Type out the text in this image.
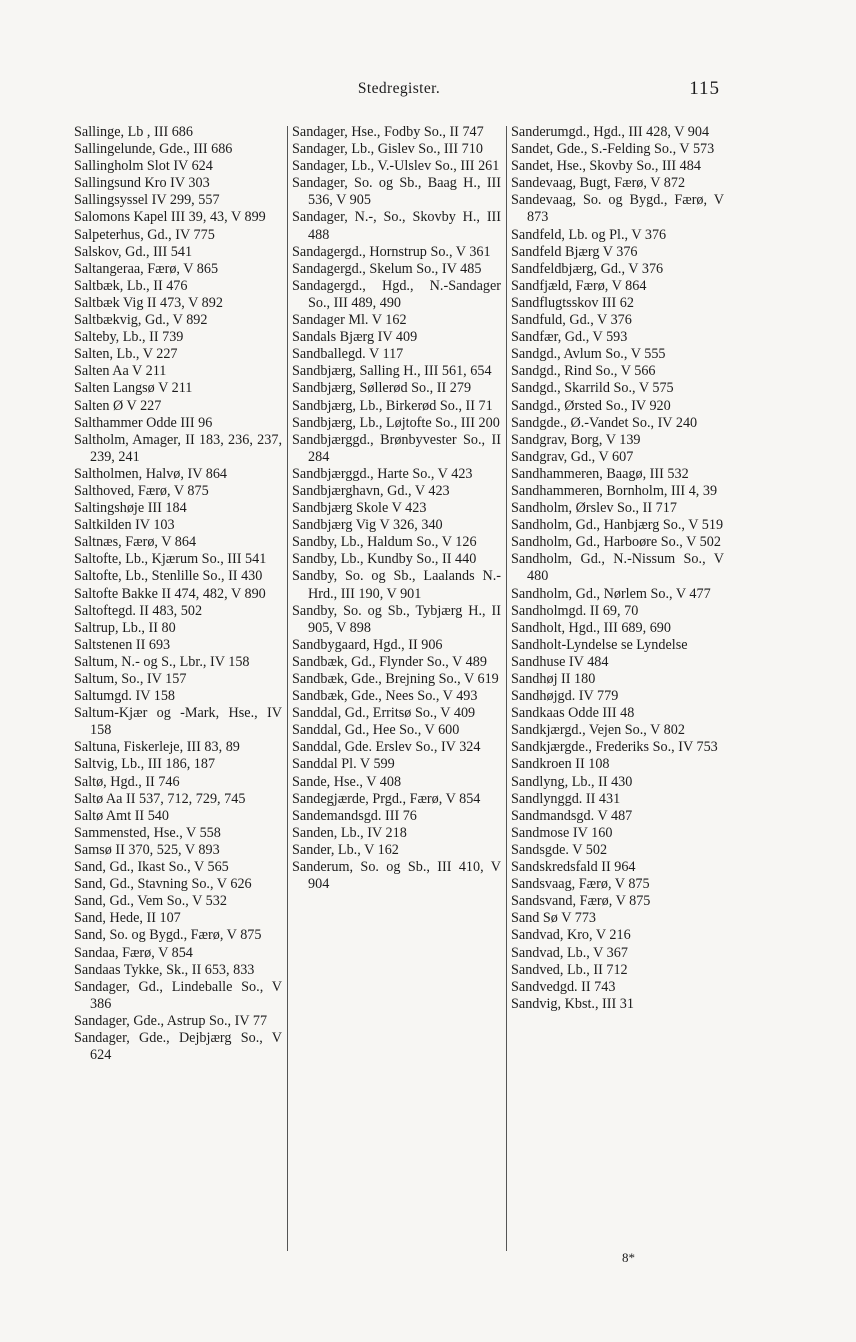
Stedregister.	115
Sallinge, Lb , III 686
Sallingelunde, Gde., III 686
Sallingholm Slot IV 624
Sallingsund Kro IV 303
Sallingsyssel IV 299, 557
Salomons Kapel III 39, 43, V 899
Salpeterhus, Gd., IV 775
Salskov, Gd., III 541
Saltangeraa, Færø, V 865
Saltbæk, Lb., II 476
Saltbæk Vig II 473, V 892
Saltbækvig, Gd., V 892
Salteby, Lb., II 739
Salten, Lb., V 227
Salten Aa V 211
Salten Langsø V 211
Salten Ø V 227
Salthammer Odde III 96
Saltholm, Amager, II 183, 236, 237, 239, 241
Saltholmen, Halvø, IV 864
Salthoved, Færø, V 875
Saltingshøje III 184
Saltkilden IV 103
Saltnæs, Færø, V 864
Saltofte, Lb., Kjærum So., III 541
Saltofte, Lb., Stenlille So., II 430
Saltofte Bakke II 474, 482, V 890
Saltoftegd. II 483, 502
Saltrup, Lb., II 80
Saltstenen II 693
Saltum, N.- og S., Lbr., IV 158
Saltum, So., IV 157
Saltumgd. IV 158
Saltum-Kjær og -Mark, Hse., IV 158
Saltuna, Fiskerleje, III 83, 89
Saltvig, Lb., III 186, 187
Saltø, Hgd., II 746
Saltø Aa II 537, 712, 729, 745
Saltø Amt II 540
Sammensted, Hse., V 558
Samsø II 370, 525, V 893
Sand, Gd., Ikast So., V 565
Sand, Gd., Stavning So., V 626
Sand, Gd., Vem So., V 532
Sand, Hede, II 107
Sand, So. og Bygd., Færø, V 875
Sandaa, Færø, V 854
Sandaas Tykke, Sk., II 653, 833
Sandager, Gd., Lindeballe So., V 386
Sandager, Gde., Astrup So., IV 77
Sandager, Gde., Dejbjærg So., V 624
Sandager, Hse., Fodby So., II 747
Sandager, Lb., Gislev So., III 710
Sandager, Lb., V.-Ulslev So., III 261
Sandager, So. og Sb., Baag H., III 536, V 905
Sandager, N.-, So., Skovby H., III 488
Sandagergd., Hornstrup So., V 361
Sandagergd., Skelum So., IV 485
Sandagergd., Hgd., N.-Sandager So., III 489, 490
Sandager Ml. V 162
Sandals Bjærg IV 409
Sandballegd. V 117
Sandbjærg, Salling H., III 561, 654
Sandbjærg, Søllerød So., II 279
Sandbjærg, Lb., Birkerød So., II 71
Sandbjærg, Lb., Løjtofte So., III 200
Sandbjærggd., Brønbyvester So., II 284
Sandbjærggd., Harte So., V 423
Sandbjærghavn, Gd., V 423
Sandbjærg Skole V 423
Sandbjærg Vig V 326, 340
Sandby, Lb., Haldum So., V 126
Sandby, Lb., Kundby So., II 440
Sandby, So. og Sb., Laalands N.-Hrd., III 190, V 901
Sandby, So. og Sb., Tybjærg H., II 905, V 898
Sandbygaard, Hgd., II 906
Sandbæk, Gd., Flynder So., V 489
Sandbæk, Gde., Brejning So., V 619
Sandbæk, Gde., Nees So., V 493
Sanddal, Gd., Erritsø So., V 409
Sanddal, Gd., Hee So., V 600
Sanddal, Gde. Erslev So., IV 324
Sanddal Pl. V 599
Sande, Hse., V 408
Sandegjærde, Prgd., Færø, V 854
Sandemandsgd. III 76
Sanden, Lb., IV 218
Sander, Lb., V 162
Sanderum, So. og Sb., III 410, V 904
Sanderumgd., Hgd., III 428, V 904
Sandet, Gde., S.-Felding So., V 573
Sandet, Hse., Skovby So., III 484
Sandevaag, Bugt, Færø, V 872
Sandevaag, So. og Bygd., Færø, V 873
Sandfeld, Lb. og Pl., V 376
Sandfeld Bjærg V 376
Sandfeldbjærg, Gd., V 376
Sandfjæld, Færø, V 864
Sandflugtsskov III 62
Sandfuld, Gd., V 376
Sandfær, Gd., V 593
Sandgd., Avlum So., V 555
Sandgd., Rind So., V 566
Sandgd., Skarrild So., V 575
Sandgd., Ørsted So., IV 920
Sandgde., Ø.-Vandet So., IV 240
Sandgrav, Borg, V 139
Sandgrav, Gd., V 607
Sandhammeren, Baagø, III 532
Sandhammeren, Bornholm, III 4, 39
Sandholm, Ørslev So., II 717
Sandholm, Gd., Hanbjærg So., V 519
Sandholm, Gd., Harboøre So., V 502
Sandholm, Gd., N.-Nissum So., V 480
Sandholm, Gd., Nørlem So., V 477
Sandholmgd. II 69, 70
Sandholt, Hgd., III 689, 690
Sandholt-Lyndelse se Lyndelse
Sandhuse IV 484
Sandhøj II 180
Sandhøjgd. IV 779
Sandkaas Odde III 48
Sandkjærgd., Vejen So., V 802
Sandkjærgde., Frederiks So., IV 753
Sandkroen II 108
Sandlyng, Lb., II 430
Sandlynggd. II 431
Sandmandsgd. V 487
Sandmose IV 160
Sandsgde. V 502
Sandskredsfald II 964
Sandsvaag, Færø, V 875
Sandsvand, Færø, V 875
Sand Sø V 773
Sandvad, Kro, V 216
Sandvad, Lb., V 367
Sandved, Lb., II 712
Sandvedgd. II 743
Sandvig, Kbst., III 31
8*
